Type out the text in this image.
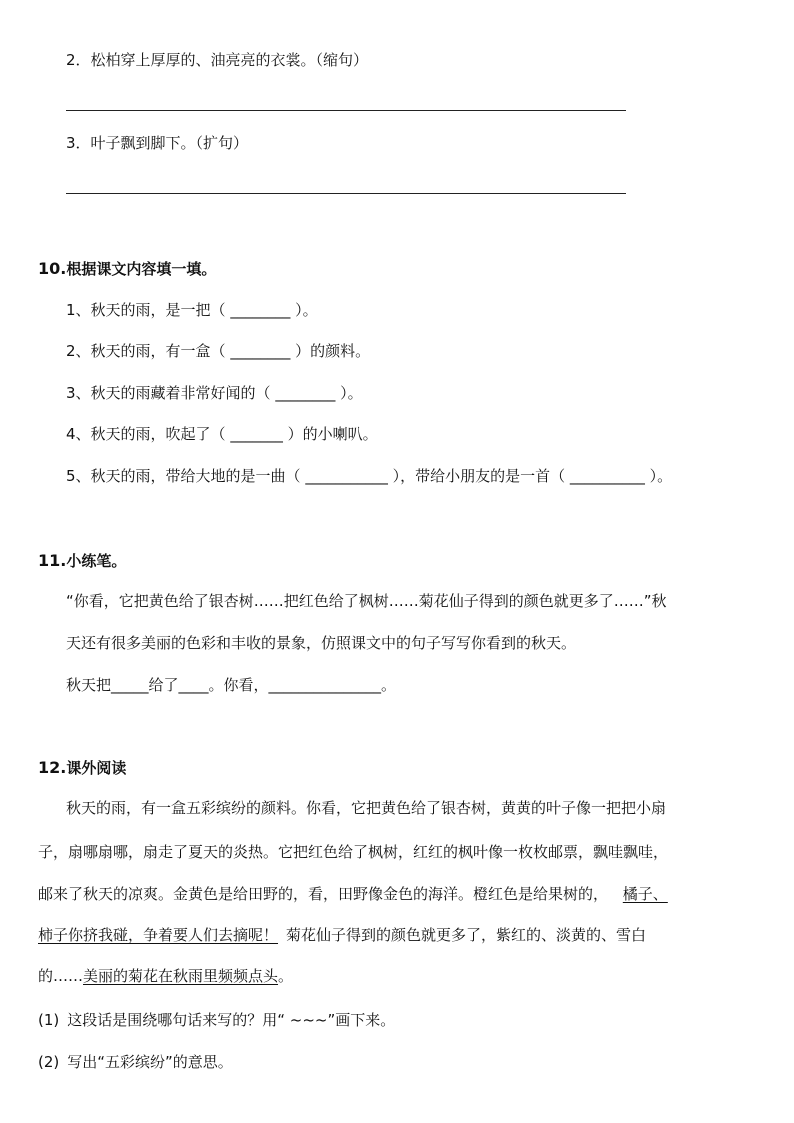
2．松柏穿上厚厚的、油亮亮的衣裳。（缩句）
3．叶子飘到脚下。（扩句）
10.根据课文内容填一填。
1、秋天的雨，是一把（ ________ ）。
2、秋天的雨，有一盒（ ________ ）的颜料。
3、秋天的雨藏着非常好闻的（ ________ ）。
4、秋天的雨，吹起了（ _______ ）的小喇叭。
5、秋天的雨，带给大地的是一曲（ ___________ ），带给小朋友的是一首（ __________ ）。
11.小练笔。
“你看，它把黄色给了银杏树……把红色给了枫树……菊花仙子得到的颜色就更多了……”秋
天还有很多美丽的色彩和丰收的景象，仿照课文中的句子写写你看到的秋天。
秋天把_____给了____。你看，_______________。
12.课外阅读
秋天的雨，有一盒五彩缤纷的颜料。你看，它把黄色给了银杏树，黄黄的叶子像一把把小扇
子，扇哪扇哪，扇走了夏天的炎热。它把红色给了枫树，红红的枫叶像一枚枚邮票，飘哇飘哇，
邮来了秋天的凉爽。金黄色是给田野的，看，田野像金色的海洋。橙红色是给果树的， 橘子、
柿子你挤我碰，争着要人们去摘呢！ 菊花仙子得到的颜色就更多了，紫红的、淡黄的、雪白
的……美丽的菊花在秋雨里频频点头。
(1) 这段话是围绕哪句话来写的？用“ ~~~”画下来。
(2) 写出“五彩缤纷”的意思。
